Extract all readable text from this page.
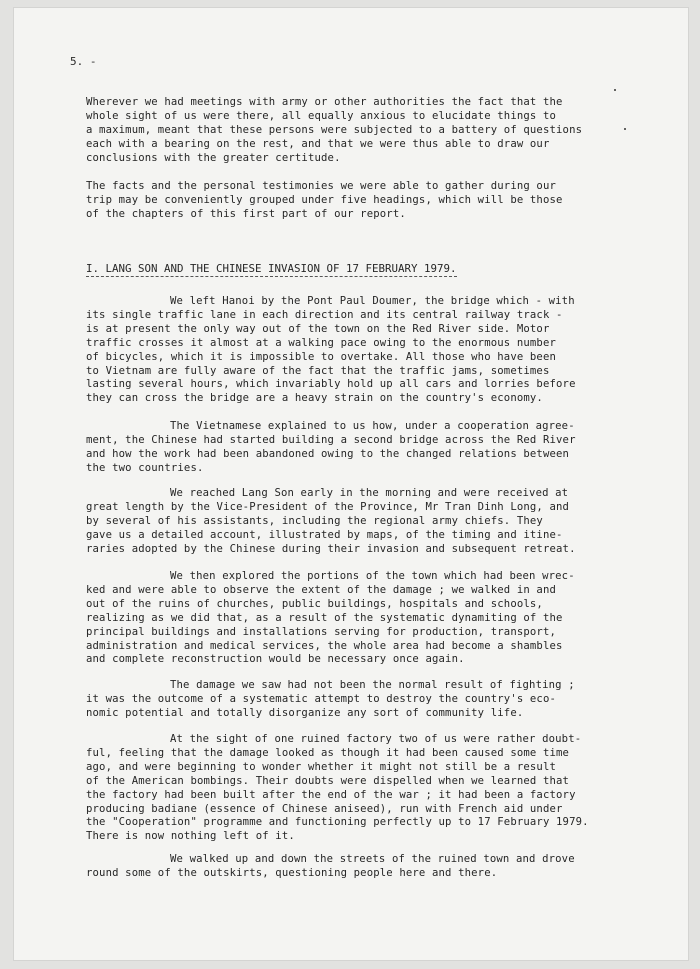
5. -

Wherever we had meetings with army or other authorities the fact that the
whole sight of us were there, all equally anxious to elucidate things to
a maximum, meant that these persons were subjected to a battery of questions
each with a bearing on the rest, and that we were thus able to draw our
conclusions with the greater certitude.

The facts and the personal testimonies we were able to gather during our
trip may be conveniently grouped under five headings, which will be those
of the chapters of this first part of our report.

I. LANG SON AND THE CHINESE INVASION OF 17 FEBRUARY 1979.

We left Hanoi by the Pont Paul Doumer, the bridge which - with
its single traffic lane in each direction and its central railway track -
is at present the only way out of the town on the Red River side. Motor
traffic crosses it almost at a walking pace owing to the enormous number
of bicycles, which it is impossible to overtake. All those who have been
to Vietnam are fully aware of the fact that the traffic jams, sometimes
lasting several hours, which invariably hold up all cars and lorries before
they can cross the bridge are a heavy strain on the country's economy.

The Vietnamese explained to us how, under a cooperation agree-
ment, the Chinese had started building a second bridge across the Red River
and how the work had been abandoned owing to the changed relations between
the two countries.

We reached Lang Son early in the morning and were received at
great length by the Vice-President of the Province, Mr Tran Dinh Long, and
by several of his assistants, including the regional army chiefs. They
gave us a detailed account, illustrated by maps, of the timing and itine-
raries adopted by the Chinese during their invasion and subsequent retreat.

We then explored the portions of the town which had been wrec-
ked and were able to observe the extent of the damage ; we walked in and
out of the ruins of churches, public buildings, hospitals and schools,
realizing as we did that, as a result of the systematic dynamiting of the
principal buildings and installations serving for production, transport,
administration and medical services, the whole area had become a shambles
and complete reconstruction would be necessary once again.

The damage we saw had not been the normal result of fighting ;
it was the outcome of a systematic attempt to destroy the country's eco-
nomic potential and totally disorganize any sort of community life.

At the sight of one ruined factory two of us were rather doubt-
ful, feeling that the damage looked as though it had been caused some time
ago, and were beginning to wonder whether it might not still be a result
of the American bombings. Their doubts were dispelled when we learned that
the factory had been built after the end of the war ; it had been a factory
producing badiane (essence of Chinese aniseed), run with French aid under
the "Cooperation" programme and functioning perfectly up to 17 February 1979.
There is now nothing left of it.

We walked up and down the streets of the ruined town and drove
round some of the outskirts, questioning people here and there.
